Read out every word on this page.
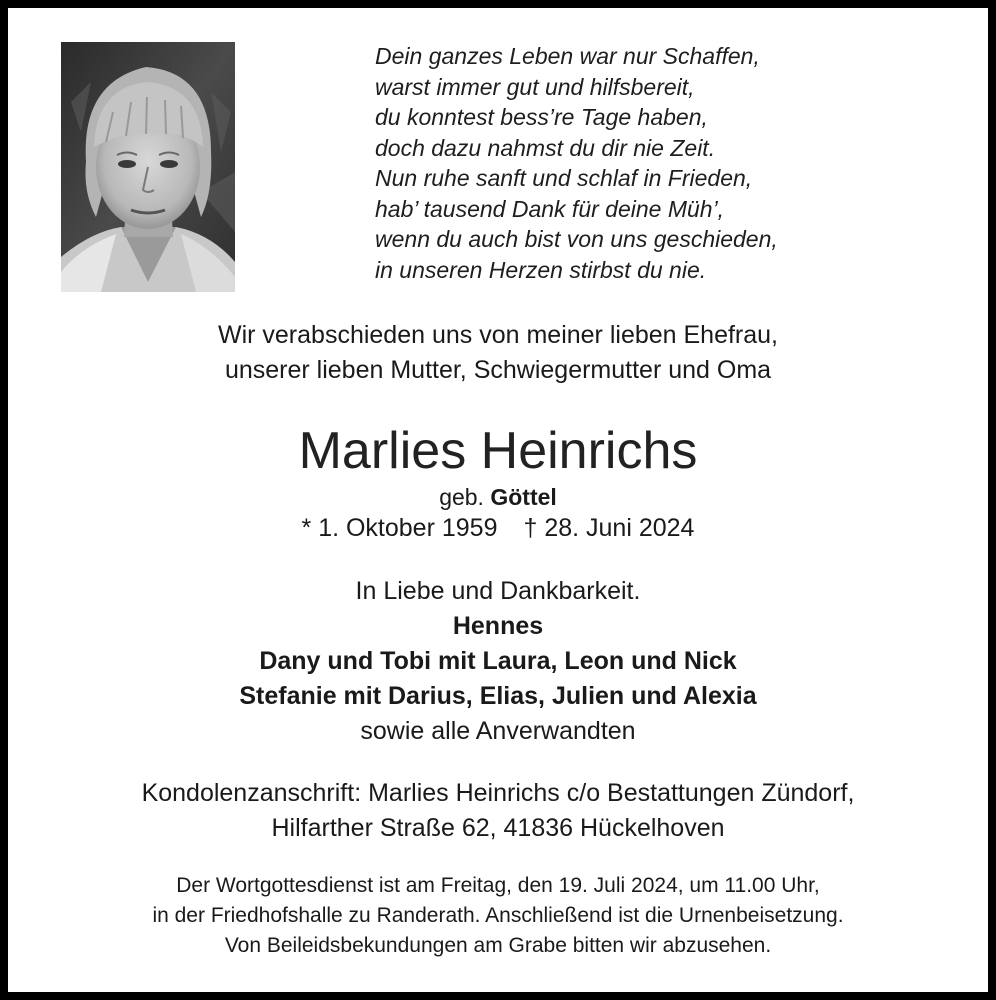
Dein ganzes Leben war nur Schaffen,
warst immer gut und hilfsbereit,
du konntest bess’re Tage haben,
doch dazu nahmst du dir nie Zeit.
Nun ruhe sanft und schlaf in Frieden,
hab’ tausend Dank für deine Müh’,
wenn du auch bist von uns geschieden,
in unseren Herzen stirbst du nie.
Wir verabschieden uns von meiner lieben Ehefrau,
unserer lieben Mutter, Schwiegermutter und Oma
Marlies Heinrichs
geb. Göttel
* 1. Oktober 1959 † 28. Juni 2024
In Liebe und Dankbarkeit.
Hennes
Dany und Tobi mit Laura, Leon und Nick
Stefanie mit Darius, Elias, Julien und Alexia
sowie alle Anverwandten
Kondolenzanschrift: Marlies Heinrichs c/o Bestattungen Zündorf,
Hilfarther Straße 62, 41836 Hückelhoven
Der Wortgottesdienst ist am Freitag, den 19. Juli 2024, um 11.00 Uhr,
in der Friedhofshalle zu Randerath. Anschließend ist die Urnenbeisetzung.
Von Beileidsbekundungen am Grabe bitten wir abzusehen.
